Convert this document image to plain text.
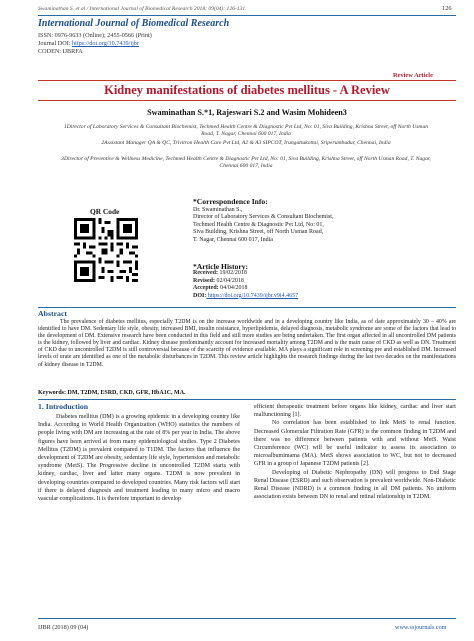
Swaminathan S. et al / International Journal of Biomedical Research 2018; 09(04): 126-131.	126
International Journal of Biomedical Research
ISSN: 0976-9633 (Online); 2455-0566 (Print)
Journal DOI: https://doi.org/10.7439/ijbr
CODEN: IJBRFA
Review Article
Kidney manifestations of diabetes mellitus - A Review
Swaminathan S.*1, Rajeswari S.2 and Wasim Mohideen3
1Director of Laboratory Services & Consultant Biochemist, Techmed Health Centre & Diagnostic Pvt Ltd, No: 01, Siva Building, Krishna Street, off North Usman Road, T. Nagar, Chennai 600 017, India
2Assistant Manager QA & QC, Trivitron Health Care Pvt Ltd, A2 & A3 SIPCOT, Irungattukottai, Sriperumbudur, Chennai, India
3Director of Preventive & Wellness Medicine, Techmed Health Centre & Diagnostic Pvt Ltd, No: 01, Siva Building, Krishna Street, off North Usman Road, T. Nagar, Chennai 600 017, India
QR Code
*Correspondence Info:
Dr. Swaminathan S.,
Director of Laboratory Services & Consultant Biochemist,
Techmed Health Centre & Diagnostic Pvt Ltd, No: 01,
Siva Building, Krishna Street, off North Usman Road,
T. Nagar, Chennai 600 017, India
*Article History:
Received: 19/02/2018
Revised: 02/04/2018
Accepted: 04/04/2018
DOI: https://doi.org/10.7439/ijbr.v9i4.4657
Abstract
The prevalence of diabetes mellitus, especially T2DM is on the increase worldwide and in a developing country like India, as of date approximately 30 – 40% are identified to have DM. Sedentary life style, obesity, increased BMI, insulin resistance, hyperlipidemia, delayed diagnosis, metabolic syndrome are some of the factors that lead to the development of DM. Extensive research have been conducted in this field and still more studies are being undertaken. The first organ affected in all uncontrolled DM patients is the kidney, followed by liver and cardiac. Kidney disease predominantly account for increased mortality among T2DM and is the main cause of CKD as well as DN. Treatment of CKD due to uncontrolled T2DM is still controversial because of the scarcity of evidence available. MA plays a significant role in screening pre and established DM. Increased levels of urate are identified as one of the metabolic disturbances in T2DM. This review article highlights the research findings during the last two decades on the manifestations of kidney disease in T2DM.
Keywords: DM, T2DM, ESRD, CKD, GFR, HbA1C, MA.
1. Introduction

Diabetes mellitus (DM) is a growing epidemic in a developing country like India. According to World Health Organization (WHO) statistics the numbers of people living with DM are increasing at the rate of 8% per year in India. The above figures have been arrived at from many epidemiological studies. Type 2 Diabetes Mellitus (T2DM) is prevalent compared to T1DM. The factors that influence the development of T2DM are obesity, sedentary life style, hypertension and metabolic syndrome (MetS). The Progressive decline in uncontrolled T2DM starts with kidney, cardiac, liver and latter many organs. T2DM is now prevalent in developing countries compared to developed countries. Many risk factors will start if there is delayed diagnosis and treatment leading to many micro and macro vascular complications. It is therefore important to develop

efficient therapeutic treatment before organs like kidney, cardiac and liver start malfunctioning [1].

No correlation has been established to link MetS to renal function. Decreased Glomerular Filtration Rate (GFR) is the common finding in T2DM and there was no difference between patients with and without MetS. Waist Circumference (WC) will be useful indicator to assess its association to microalbumimama (MA). MetS shows association to WC, but not to decreased GFR in a group of Japanese T2DM patients [2].

Developing of Diabetic Nephropathy (DN) will progress to End Stage Renal Disease (ESRD) and such observation is prevalent worldwide. Non-Diabetic Renal Disease (NDRD) is a common finding in all DM patients. No uniform association exists between DN to renal and retinal relationship in T2DM.

IJBR (2018) 09 (04)	www.ssjournals.com
